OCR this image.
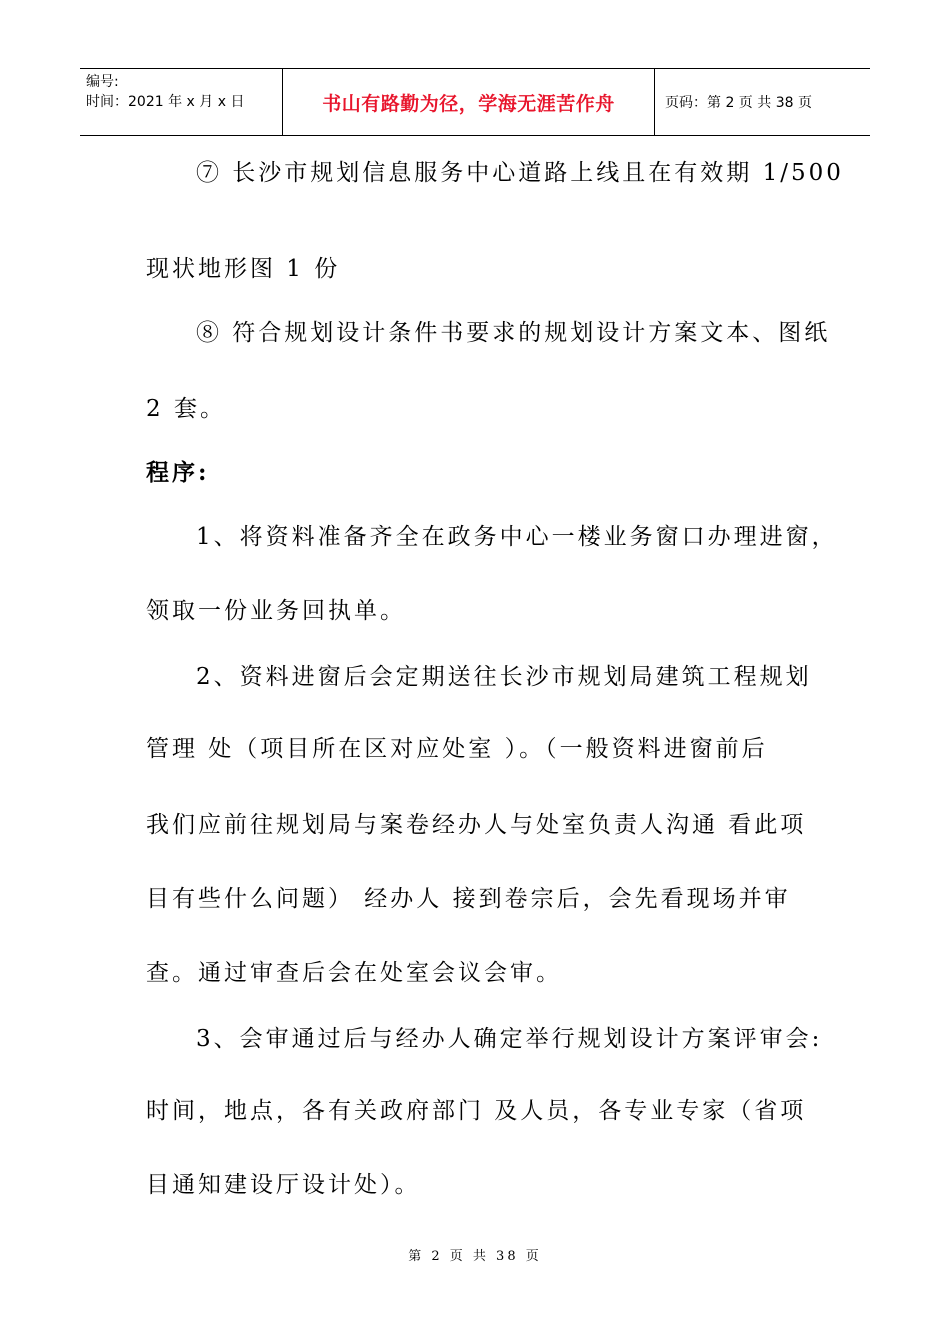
编号:
时间：2021 年 x 月 x 日	书山有路勤为径，学海无涯苦作舟	页码：第 2 页 共 38 页
⑦ 长沙市规划信息服务中心道路上线且在有效期 1/500
现状地形图 1 份
⑧ 符合规划设计条件书要求的规划设计方案文本、图纸
2 套。
程序:
1、将资料准备齐全在政务中心一楼业务窗口办理进窗，
领取一份业务回执单。
2、资料进窗后会定期送往长沙市规划局建筑工程规划
管理 处（项目所在区对应处室 ）。（一般资料进窗前后
我们应前往规划局与案卷经办人与处室负责人沟通 看此项
目有些什么问题） 经办人 接到卷宗后，会先看现场并审
查。通过审查后会在处室会议会审。
3、会审通过后与经办人确定举行规划设计方案评审会:
时间，地点，各有关政府部门 及人员，各专业专家（省项
目通知建设厅设计处）。
第 2 页 共 38 页
